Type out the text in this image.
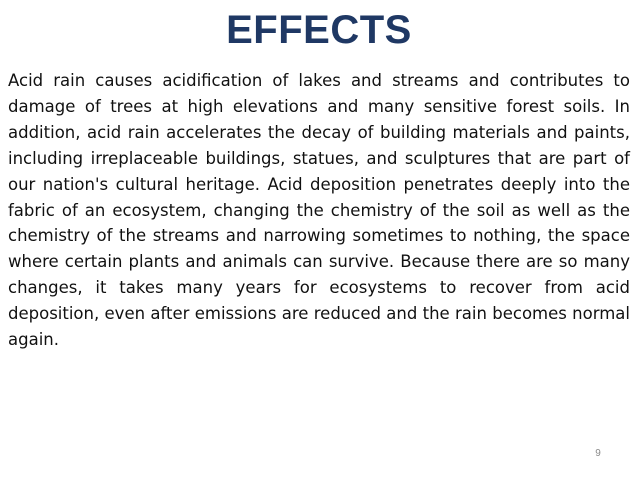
EFFECTS

Acid rain causes acidification of lakes and streams and contributes to damage of trees at high elevations and many sensitive forest soils. In addition, acid rain accelerates the decay of building materials and paints, including irreplaceable buildings, statues, and sculptures that are part of our nation's cultural heritage. Acid deposition penetrates deeply into the fabric of an ecosystem, changing the chemistry of the soil as well as the chemistry of the streams and narrowing sometimes to nothing, the space where certain plants and animals can survive. Because there are so many changes, it takes many years for ecosystems to recover from acid deposition, even after emissions are reduced and the rain becomes normal again.

9
